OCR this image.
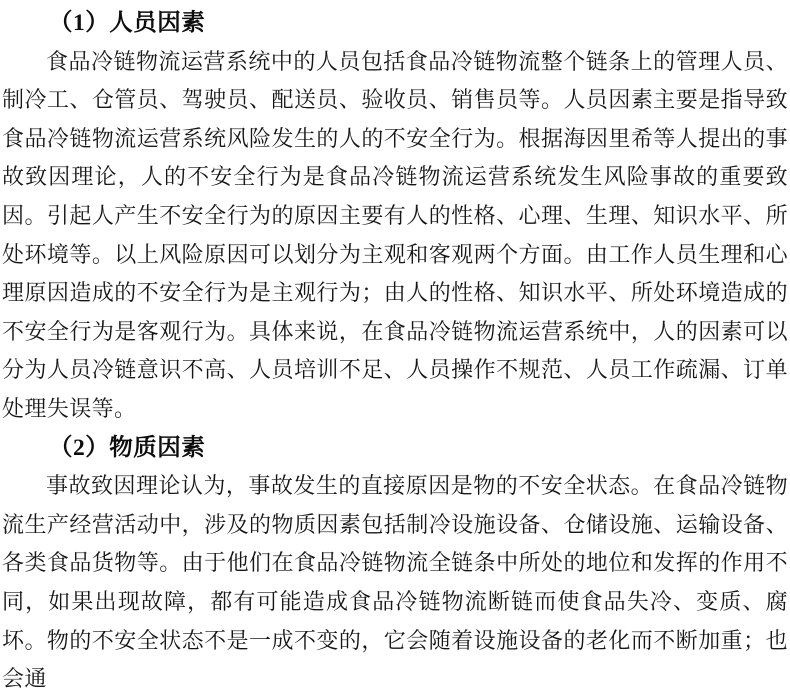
（1）人员因素

食品冷链物流运营系统中的人员包括食品冷链物流整个链条上的管理人员、制冷工、仓管员、驾驶员、配送员、验收员、销售员等。人员因素主要是指导致食品冷链物流运营系统风险发生的人的不安全行为。根据海因里希等人提出的事故致因理论，人的不安全行为是食品冷链物流运营系统发生风险事故的重要致因。引起人产生不安全行为的原因主要有人的性格、心理、生理、知识水平、所处环境等。以上风险原因可以划分为主观和客观两个方面。由工作人员生理和心理原因造成的不安全行为是主观行为；由人的性格、知识水平、所处环境造成的不安全行为是客观行为。具体来说，在食品冷链物流运营系统中，人的因素可以分为人员冷链意识不高、人员培训不足、人员操作不规范、人员工作疏漏、订单处理失误等。

（2）物质因素

事故致因理论认为，事故发生的直接原因是物的不安全状态。在食品冷链物流生产经营活动中，涉及的物质因素包括制冷设施设备、仓储设施、运输设备、各类食品货物等。由于他们在食品冷链物流全链条中所处的地位和发挥的作用不同，如果出现故障，都有可能造成食品冷链物流断链而使食品失冷、变质、腐坏。物的不安全状态不是一成不变的，它会随着设施设备的老化而不断加重；也会通
